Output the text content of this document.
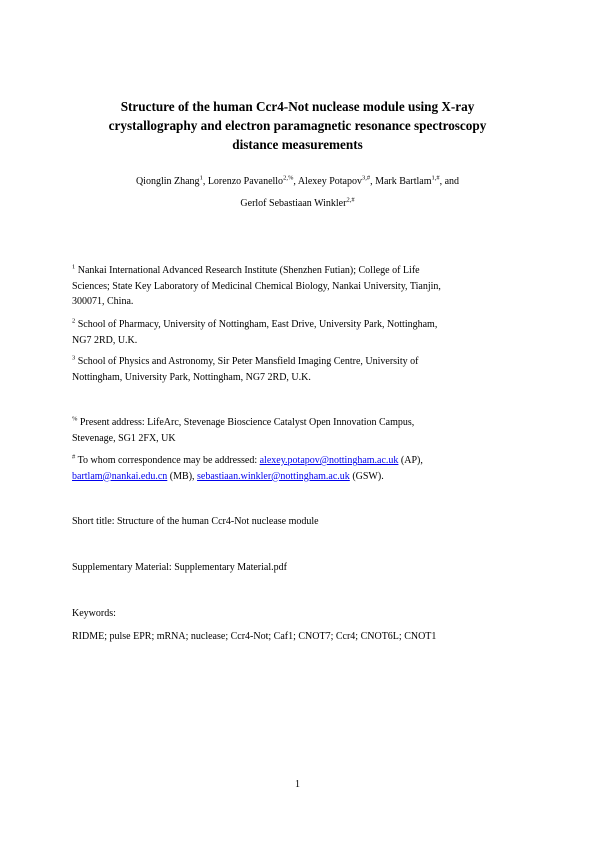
Structure of the human Ccr4-Not nuclease module using X-ray
crystallography and electron paramagnetic resonance spectroscopy
distance measurements
Qionglin Zhang$^1$, Lorenzo Pavanello$^{2,\%}$, Alexey Potapov$^{3,\#}$, Mark Bartlam$^{1,\#}$, and
Gerlof Sebastiaan Winkler$^{2,\#}$
$^1$ Nankai International Advanced Research Institute (Shenzhen Futian); College of Life
Sciences; State Key Laboratory of Medicinal Chemical Biology, Nankai University, Tianjin,
300071, China.
$^2$ School of Pharmacy, University of Nottingham, East Drive, University Park, Nottingham,
NG7 2RD, U.K.
$^3$ School of Physics and Astronomy, Sir Peter Mansfield Imaging Centre, University of
Nottingham, University Park, Nottingham, NG7 2RD, U.K.
% Present address: LifeArc, Stevenage Bioscience Catalyst Open Innovation Campus,
Stevenage, SG1 2FX, UK
# To whom correspondence may be addressed: alexey.potapov@nottingham.ac.uk (AP),
bartlam@nankai.edu.cn (MB), sebastiaan.winkler@nottingham.ac.uk (GSW).
Short title: Structure of the human Ccr4-Not nuclease module
Supplementary Material: Supplementary Material.pdf
Keywords:
RIDME; pulse EPR; mRNA; nuclease; Ccr4-Not; Caf1; CNOT7; Ccr4; CNOT6L; CNOT1
1
